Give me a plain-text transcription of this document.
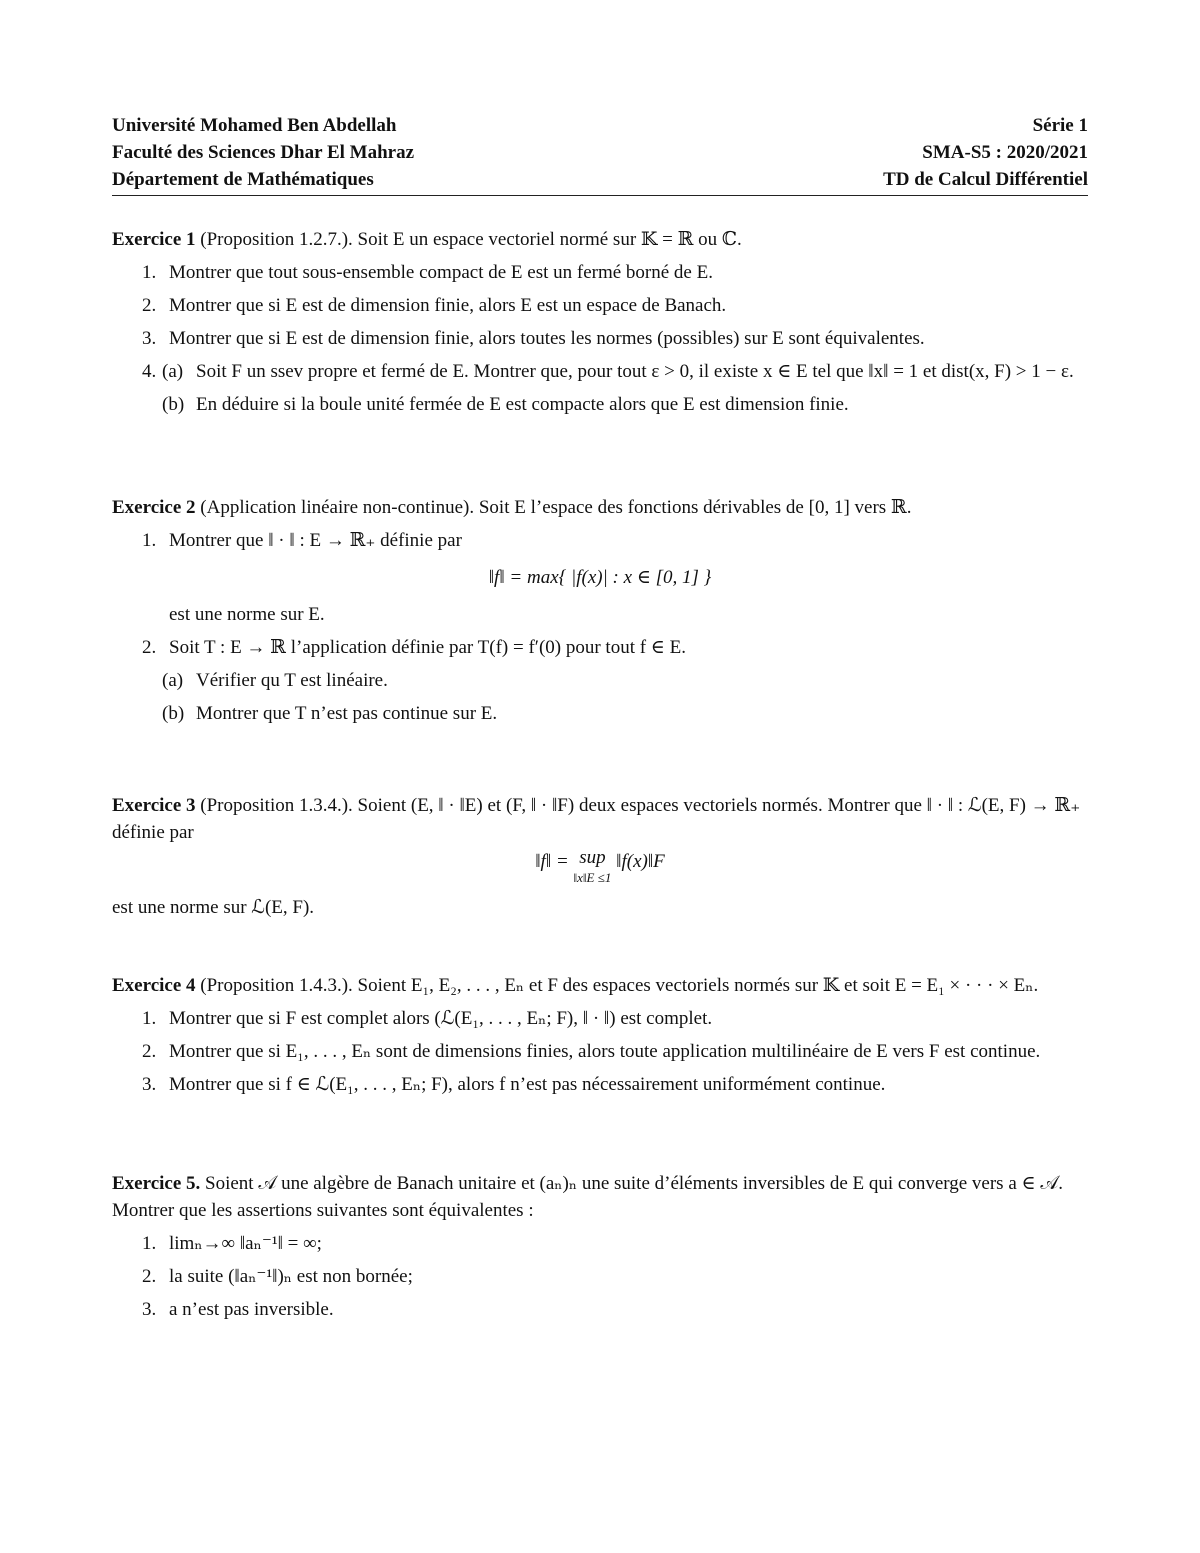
Université Mohamed Ben Abdellah
Faculté des Sciences Dhar El Mahraz
Département de Mathématiques
Série 1
SMA-S5 : 2020/2021
TD de Calcul Différentiel

Exercice 1 (Proposition 1.2.7.). Soit E un espace vectoriel normé sur 𝕂 = ℝ ou ℂ.

1. Montrer que tout sous-ensemble compact de E est un fermé borné de E.
2. Montrer que si E est de dimension finie, alors E est un espace de Banach.
3. Montrer que si E est de dimension finie, alors toutes les normes (possibles) sur E sont équivalentes.
4. (a) Soit F un ssev propre et fermé de E. Montrer que, pour tout ε > 0, il existe x ∈ E tel que ‖x‖ = 1 et dist(x, F) > 1 − ε.
(b) En déduire si la boule unité fermée de E est compacte alors que E est dimension finie.

Exercice 2 (Application linéaire non-continue). Soit E l’espace des fonctions dérivables de [0, 1] vers ℝ.

1. Montrer que ‖ · ‖ : E → ℝ₊ définie par
‖f‖ = max{ |f(x)| : x ∈ [0, 1] }
est une norme sur E.
2. Soit T : E → ℝ l’application définie par T(f) = f′(0) pour tout f ∈ E.
(a) Vérifier qu T est linéaire.
(b) Montrer que T n’est pas continue sur E.

Exercice 3 (Proposition 1.3.4.). Soient (E, ‖ · ‖E) et (F, ‖ · ‖F) deux espaces vectoriels normés. Montrer que ‖ · ‖ : ℒ(E, F) → ℝ₊ définie par

‖f‖ = sup
‖x‖E ≤1
‖f(x)‖F
est une norme sur ℒ(E, F).

Exercice 4 (Proposition 1.4.3.). Soient E₁, E₂, . . . , Eₙ et F des espaces vectoriels normés sur 𝕂 et soit E = E₁ × · · · × Eₙ.

1. Montrer que si F est complet alors (ℒ(E₁, . . . , Eₙ; F), ‖ · ‖) est complet.
2. Montrer que si E₁, . . . , Eₙ sont de dimensions finies, alors toute application multilinéaire de E vers F est continue.
3. Montrer que si f ∈ ℒ(E₁, . . . , Eₙ; F), alors f n’est pas nécessairement uniformément continue.

Exercice 5. Soient 𝒜 une algèbre de Banach unitaire et (aₙ)ₙ une suite d’éléments inversibles de E qui converge vers a ∈ 𝒜. Montrer que les assertions suivantes sont équivalentes :

1. limₙ→∞ ‖aₙ⁻¹‖ = ∞;
2. la suite (‖aₙ⁻¹‖)ₙ est non bornée;
3. a n’est pas inversible.
